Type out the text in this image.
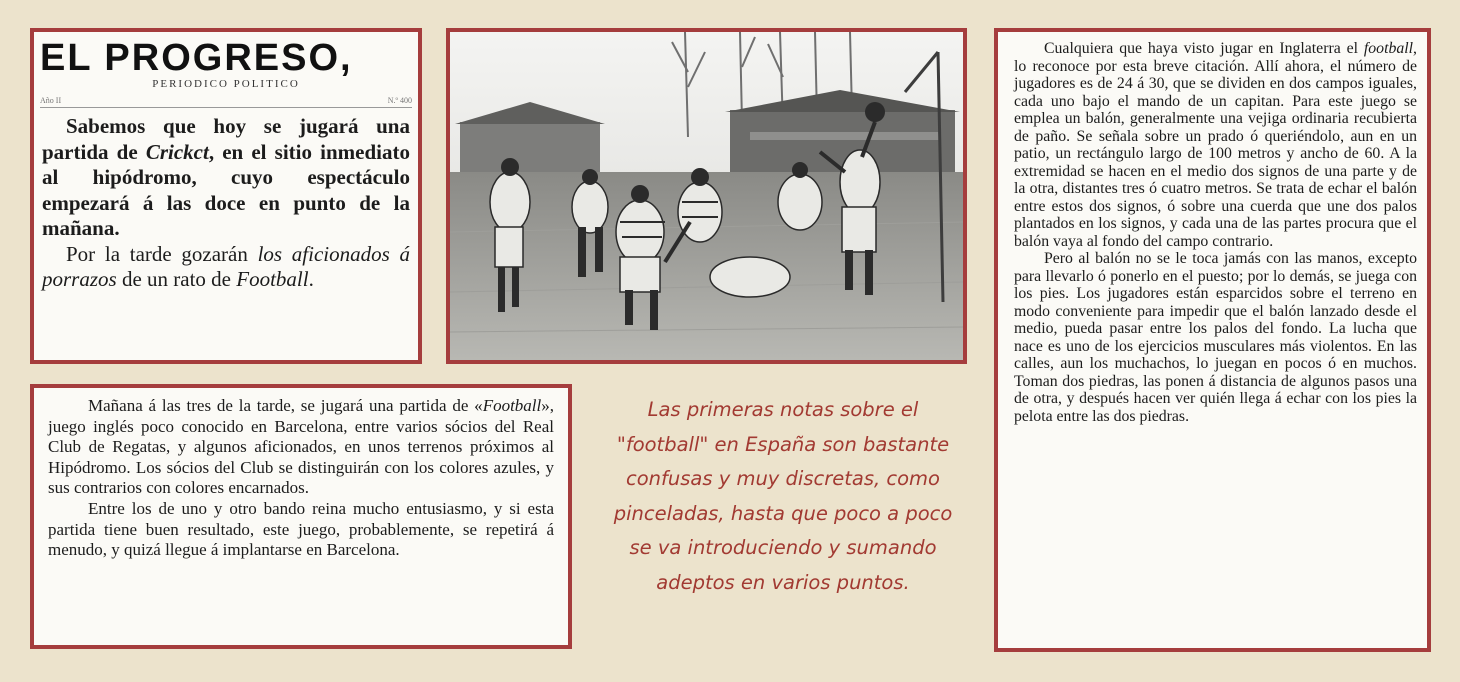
EL PROGRESO,
PERIODICO POLITICO
Año II	N.º 400

Sabemos que hoy se jugará una partida de Crickct, en el sitio inmediato al hipódromo, cuyo espectáculo empezará á las doce en punto de la mañana.

Por la tarde gozarán los aficionados á porrazos de un rato de Football.

Mañana á las tres de la tarde, se jugará una partida de «Football», juego inglés poco conocido en Barcelona, entre varios sócios del Real Club de Regatas, y algunos aficionados, en unos terrenos próximos al Hipódromo. Los sócios del Club se distinguirán con los colores azules, y sus contrarios con colores encarnados.

Entre los de uno y otro bando reina mucho entusiasmo, y si esta partida tiene buen resultado, este juego, probablemente, se repetirá á menudo, y quizá llegue á implantarse en Barcelona.

Las primeras notas sobre el "football" en España son bastante confusas y muy discretas, como pinceladas, hasta que poco a poco se va introduciendo y sumando adeptos en varios puntos.

Cualquiera que haya visto jugar en Inglaterra el football, lo reconoce por esta breve citación. Allí ahora, el número de jugadores es de 24 á 30, que se dividen en dos campos iguales, cada uno bajo el mando de un capitan. Para este juego se emplea un balón, generalmente una vejiga ordinaria recubierta de paño. Se señala sobre un prado ó queriéndolo, aun en un patio, un rectángulo largo de 100 metros y ancho de 60. A la extremidad se hacen en el medio dos signos de una parte y de la otra, distantes tres ó cuatro metros. Se trata de echar el balón entre estos dos signos, ó sobre una cuerda que une dos palos plantados en los signos, y cada una de las partes procura que el balón vaya al fondo del campo contrario.

Pero al balón no se le toca jamás con las manos, excepto para llevarlo ó ponerlo en el puesto; por lo demás, se juega con los pies. Los jugadores están esparcidos sobre el terreno en modo conveniente para impedir que el balón lanzado desde el medio, pueda pasar entre los palos del fondo. La lucha que nace es uno de los ejercicios musculares más violentos. En las calles, aun los muchachos, lo juegan en pocos ó en muchos. Toman dos piedras, las ponen á distancia de algunos pasos una de otra, y después hacen ver quién llega á echar con los pies la pelota entre las dos piedras.
